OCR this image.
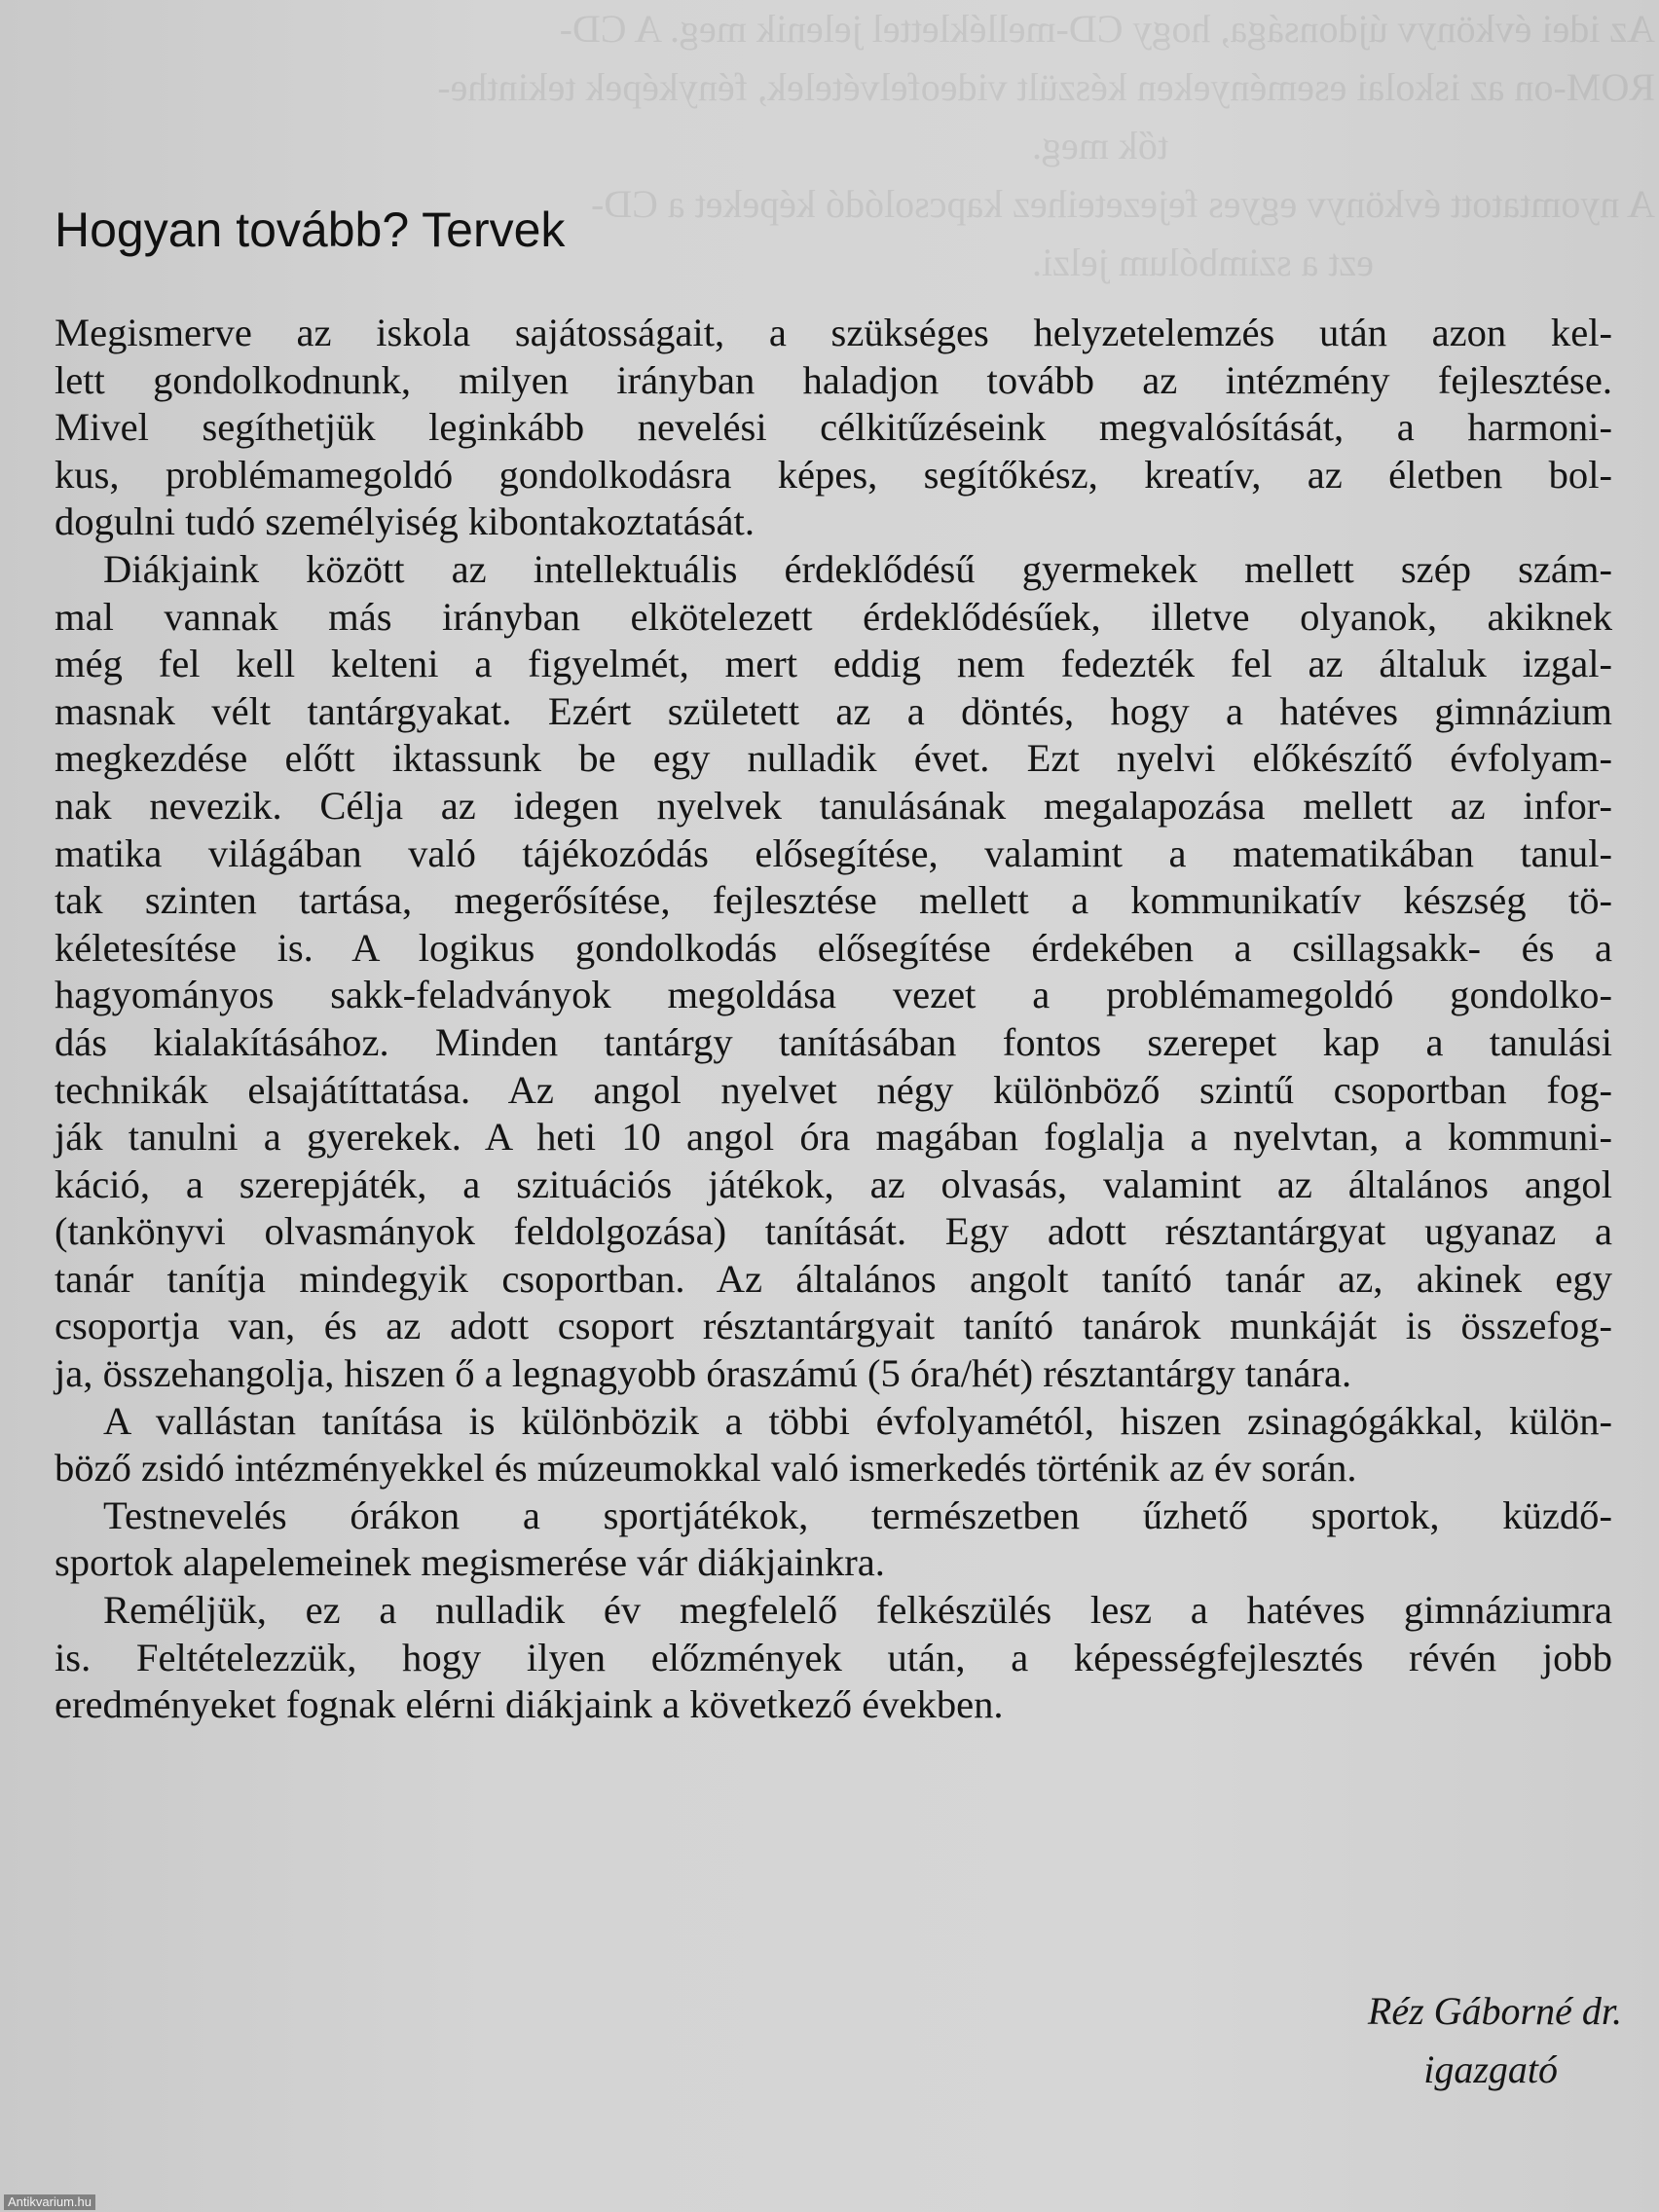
Az idei évkönyv újdonsága, hogy CD-melléklettel jelenik meg. A CD-
ROM-on az iskolai eseményeken készült videofelvételek, fényképek tekinthe-
tők meg.
A nyomtatott évkönyv egyes fejezeteihez kapcsolódó képeket a CD-
ezt a szimbólum jelzi.
Hogyan tovább? Tervek

Megismerve az iskola sajátosságait, a szükséges helyzetelemzés után azon kel-
lett gondolkodnunk, milyen irányban haladjon tovább az intézmény fejlesztése.
Mivel segíthetjük leginkább nevelési célkitűzéseink megvalósítását, a harmoni-
kus, problémamegoldó gondolkodásra képes, segítőkész, kreatív, az életben bol-
dogulni tudó személyiség kibontakoztatását.

Diákjaink között az intellektuális érdeklődésű gyermekek mellett szép szám-
mal vannak más irányban elkötelezett érdeklődésűek, illetve olyanok, akiknek
még fel kell kelteni a figyelmét, mert eddig nem fedezték fel az általuk izgal-
masnak vélt tantárgyakat. Ezért született az a döntés, hogy a hatéves gimnázium
megkezdése előtt iktassunk be egy nulladik évet. Ezt nyelvi előkészítő évfolyam-
nak nevezik. Célja az idegen nyelvek tanulásának megalapozása mellett az infor-
matika világában való tájékozódás elősegítése, valamint a matematikában tanul-
tak szinten tartása, megerősítése, fejlesztése mellett a kommunikatív készség tö-
kéletesítése is. A logikus gondolkodás elősegítése érdekében a csillagsakk- és a
hagyományos sakk-feladványok megoldása vezet a problémamegoldó gondolko-
dás kialakításához. Minden tantárgy tanításában fontos szerepet kap a tanulási
technikák elsajátíttatása. Az angol nyelvet négy különböző szintű csoportban fog-
ják tanulni a gyerekek. A heti 10 angol óra magában foglalja a nyelvtan, a kommuni-
káció, a szerepjáték, a szituációs játékok, az olvasás, valamint az általános angol
(tankönyvi olvasmányok feldolgozása) tanítását. Egy adott résztantárgyat ugyanaz a
tanár tanítja mindegyik csoportban. Az általános angolt tanító tanár az, akinek egy
csoportja van, és az adott csoport résztantárgyait tanító tanárok munkáját is összefog-
ja, összehangolja, hiszen ő a legnagyobb óraszámú (5 óra/hét) résztantárgy tanára.

A vallástan tanítása is különbözik a többi évfolyamétól, hiszen zsinagógákkal, külön-
böző zsidó intézményekkel és múzeumokkal való ismerkedés történik az év során.

Testnevelés órákon a sportjátékok, természetben űzhető sportok, küzdő-
sportok alapelemeinek megismerése vár diákjainkra.

Reméljük, ez a nulladik év megfelelő felkészülés lesz a hatéves gimnáziumra
is. Feltételezzük, hogy ilyen előzmények után, a képességfejlesztés révén jobb
eredményeket fognak elérni diákjaink a következő években.

Réz Gáborné dr.
igazgató
Antikvarium.hu
